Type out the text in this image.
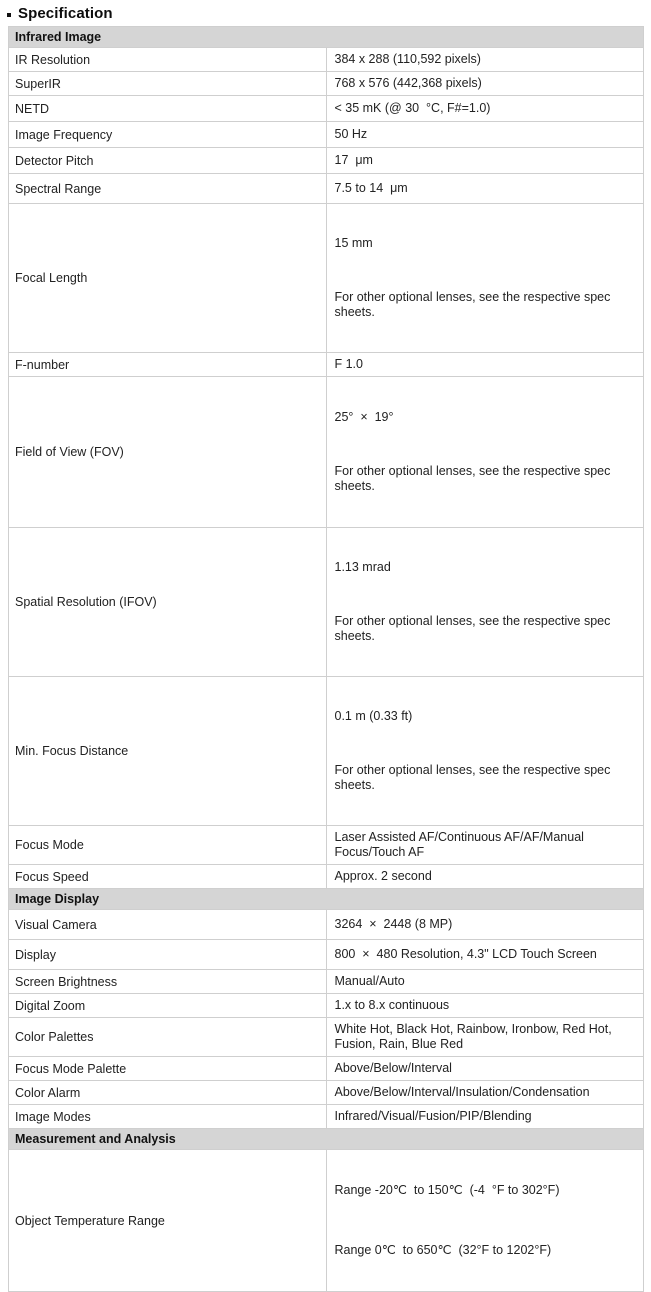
Specification
Infrared Image	
IR Resolution	384 x 288 (110,592 pixels)

SuperIR	768 x 576 (442,368 pixels)

NETD	< 35 mK (@ 30  °C, F#=1.0)

Image Frequency	50 Hz

Detector Pitch	17  μm

Spectral Range	7.5 to 14  μm

Focal Length	15 mm

For other optional lenses, see the respective spec sheets.

F-number	F 1.0

Field of View (FOV)	25°  ×  19°

For other optional lenses, see the respective spec sheets.

Spatial Resolution (IFOV)	1.13 mrad

For other optional lenses, see the respective spec sheets.

Min. Focus Distance	0.1 m (0.33 ft)

For other optional lenses, see the respective spec sheets.

Focus Mode	Laser Assisted AF/Continuous AF/AF/Manual Focus/Touch AF

Focus Speed	Approx. 2 second

Image Display	
Visual Camera	3264  ×  2448 (8 MP)

Display	800  ×  480 Resolution, 4.3" LCD Touch Screen

Screen Brightness	Manual/Auto

Digital Zoom	1.x to 8.x continuous

Color Palettes	White Hot, Black Hot, Rainbow, Ironbow, Red Hot, Fusion, Rain, Blue Red

Focus Mode Palette	Above/Below/Interval

Color Alarm	Above/Below/Interval/Insulation/Condensation

Image Modes	Infrared/Visual/Fusion/PIP/Blending

Measurement and Analysis	
Object Temperature Range	Range -20℃  to 150℃  (-4  °F to 302°F)

Range 0℃  to 650℃  (32°F to 1202°F)
